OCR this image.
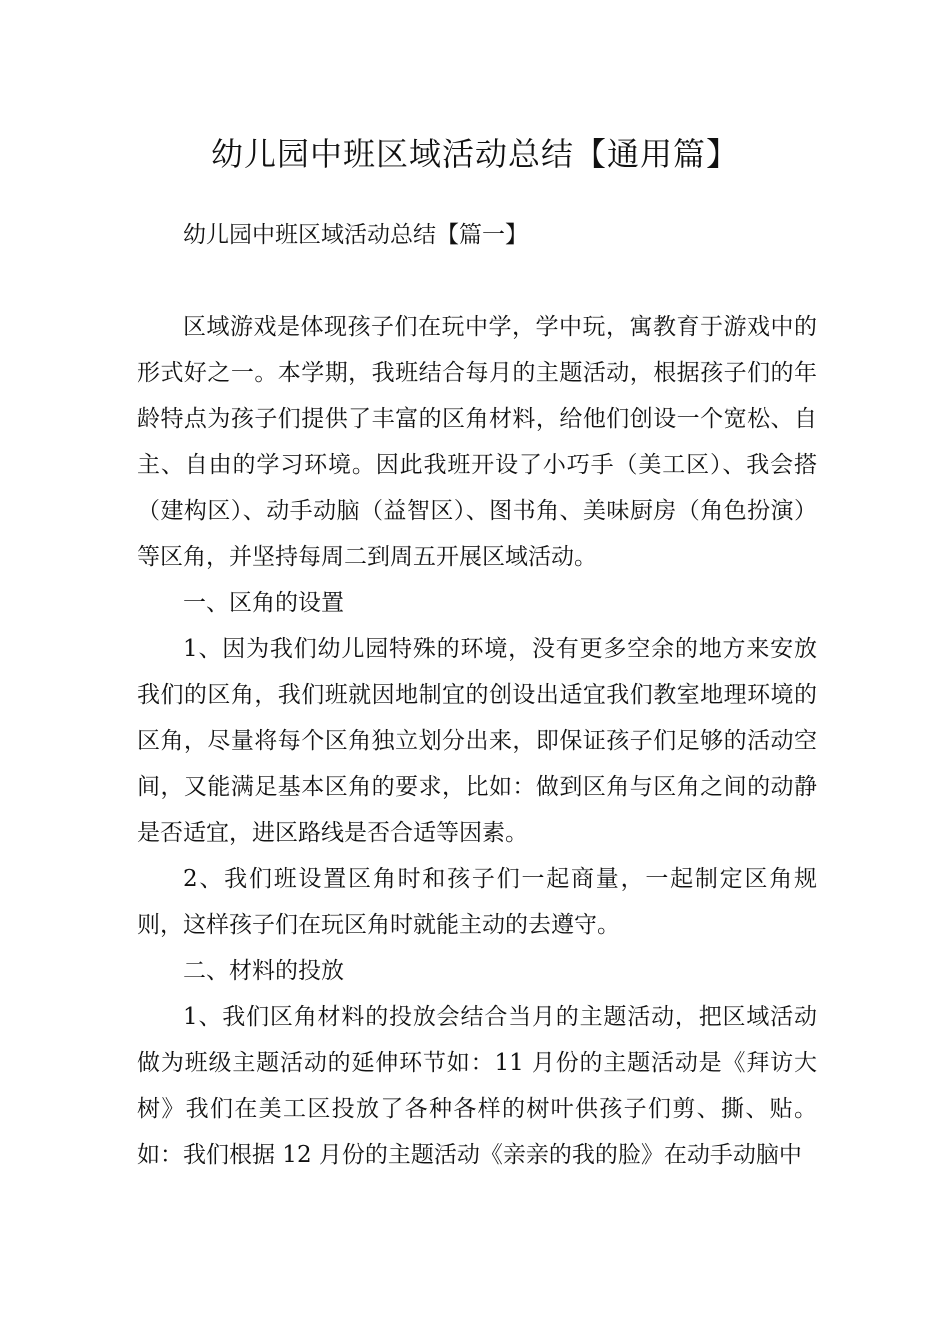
幼儿园中班区域活动总结【通用篇】

幼儿园中班区域活动总结【篇一】

区域游戏是体现孩子们在玩中学，学中玩，寓教育于游戏中的形式好之一。本学期，我班结合每月的主题活动，根据孩子们的年龄特点为孩子们提供了丰富的区角材料，给他们创设一个宽松、自主、自由的学习环境。因此我班开设了小巧手（美工区）、我会搭（建构区）、动手动脑（益智区）、图书角、美味厨房（角色扮演）等区角，并坚持每周二到周五开展区域活动。

一、区角的设置

1、因为我们幼儿园特殊的环境，没有更多空余的地方来安放我们的区角，我们班就因地制宜的创设出适宜我们教室地理环境的区角，尽量将每个区角独立划分出来，即保证孩子们足够的活动空间，又能满足基本区角的要求，比如：做到区角与区角之间的动静是否适宜，进区路线是否合适等因素。

2、我们班设置区角时和孩子们一起商量，一起制定区角规则，这样孩子们在玩区角时就能主动的去遵守。

二、材料的投放

1、我们区角材料的投放会结合当月的主题活动，把区域活动做为班级主题活动的延伸环节如：11 月份的主题活动是《拜访大树》我们在美工区投放了各种各样的树叶供孩子们剪、撕、贴。如：我们根据 12 月份的主题活动《亲亲的我的脸》在动手动脑中
